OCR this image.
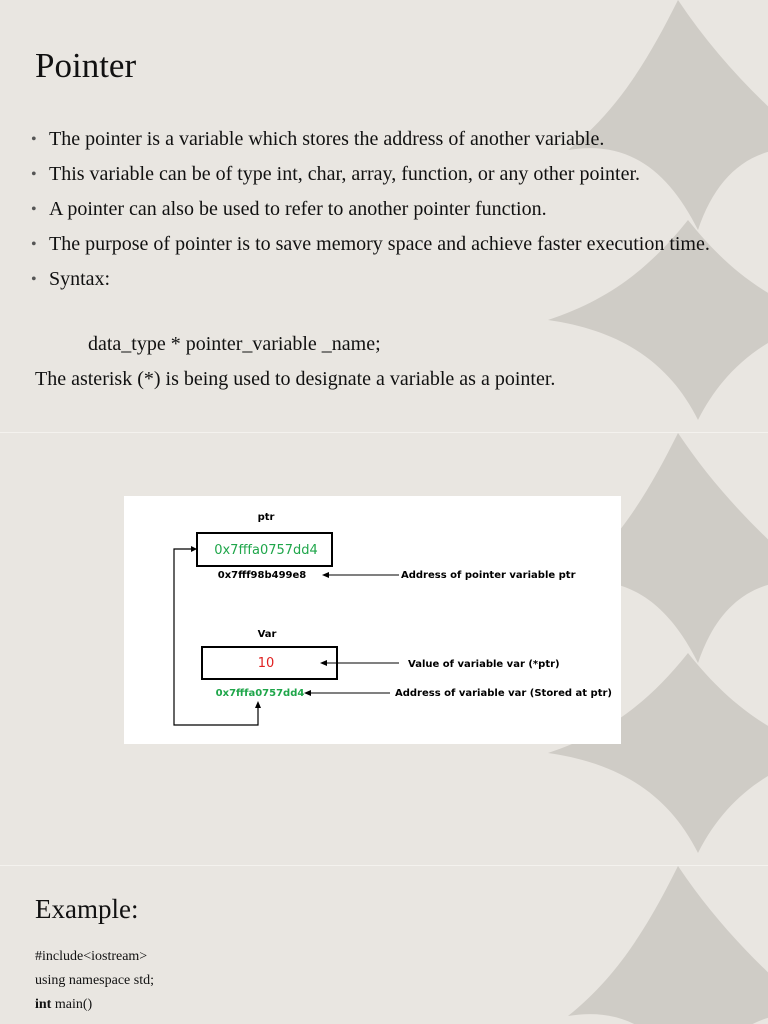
Pointer
• The pointer is a variable which stores the address of another variable.
• This variable can be of type int, char, array, function, or any other pointer.
• A pointer can also be used to refer to another pointer function.
• The purpose of pointer is to save memory space and achieve faster execution time.
• Syntax:
data_type * pointer_variable _name;
The asterisk (*) is being used to designate a variable as a pointer.
ptr
0x7fffa0757dd4
0x7fff98b499e8	Address of pointer variable ptr
Var
10	Value of variable var (*ptr)
0x7fffa0757dd4	Address of variable var (Stored at ptr)
Example:
#include<iostream>
using namespace std;
int main()
